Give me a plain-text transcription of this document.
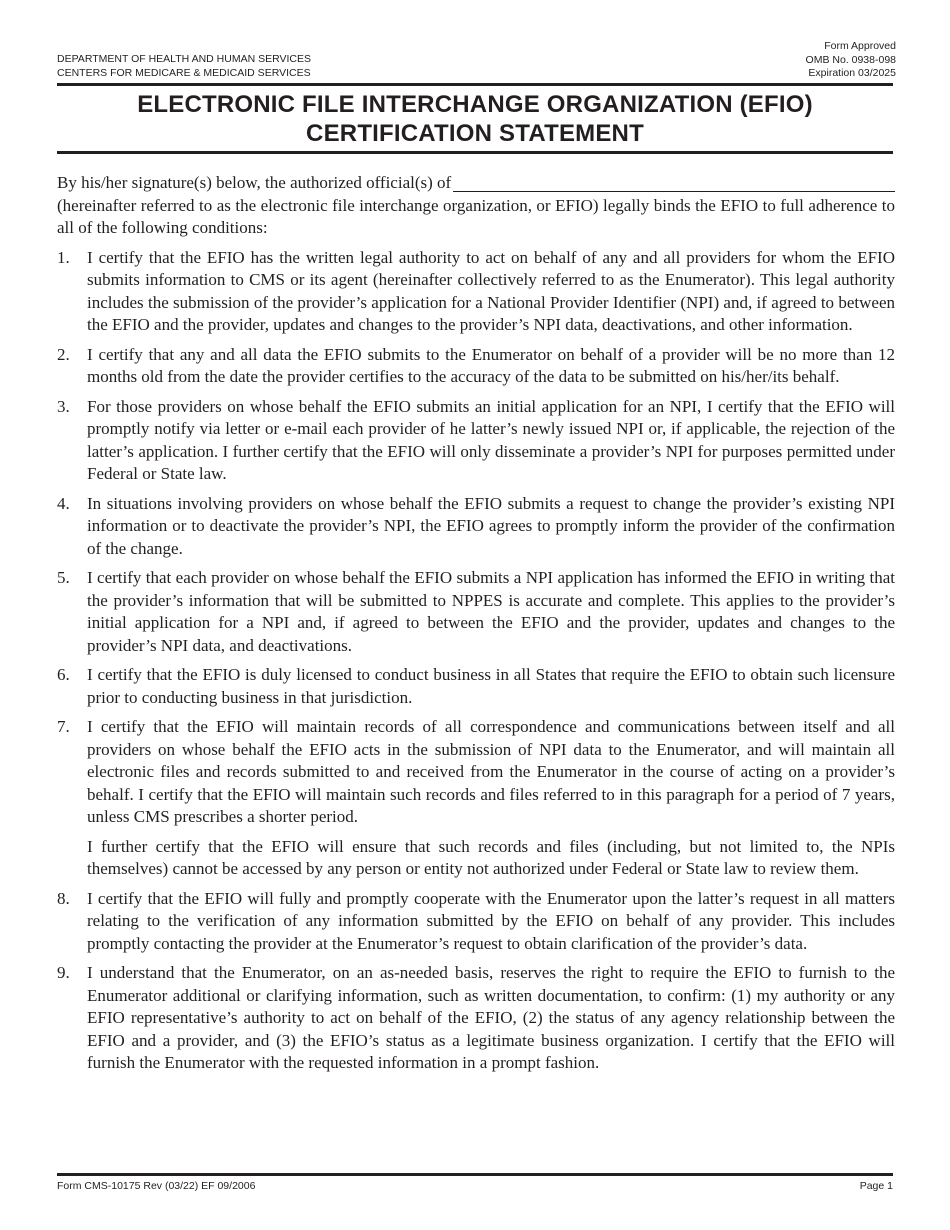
DEPARTMENT OF HEALTH AND HUMAN SERVICES
CENTERS FOR MEDICARE & MEDICAID SERVICES
Form Approved
OMB No. 0938-098
Expiration 03/2025
ELECTRONIC FILE INTERCHANGE ORGANIZATION (EFIO)
CERTIFICATION STATEMENT
By his/her signature(s) below, the authorized official(s) of

(hereinafter referred to as the electronic file interchange organization, or EFIO) legally binds the EFIO to full adherence to all of the following conditions:

1. I certify that the EFIO has the written legal authority to act on behalf of any and all providers for whom the EFIO submits information to CMS or its agent (hereinafter collectively referred to as the Enumerator). This legal authority includes the submission of the provider’s application for a National Provider Identifier (NPI) and, if agreed to between the EFIO and the provider, updates and changes to the provider’s NPI data, deactivations, and other information.
2. I certify that any and all data the EFIO submits to the Enumerator on behalf of a provider will be no more than 12 months old from the date the provider certifies to the accuracy of the data to be submitted on his/her/its behalf.
3. For those providers on whose behalf the EFIO submits an initial application for an NPI, I certify that the EFIO will promptly notify via letter or e-mail each provider of he latter’s newly issued NPI or, if applicable, the rejection of the latter’s application. I further certify that the EFIO will only disseminate a provider’s NPI for purposes permitted under Federal or State law.
4. In situations involving providers on whose behalf the EFIO submits a request to change the provider’s existing NPI information or to deactivate the provider’s NPI, the EFIO agrees to promptly inform the provider of the confirmation of the change.
5. I certify that each provider on whose behalf the EFIO submits a NPI application has informed the EFIO in writing that the provider’s information that will be submitted to NPPES is accurate and complete. This applies to the provider’s initial application for a NPI and, if agreed to between the EFIO and the provider, updates and changes to the provider’s NPI data, and deactivations.
6. I certify that the EFIO is duly licensed to conduct business in all States that require the EFIO to obtain such licensure prior to conducting business in that jurisdiction.
7. I certify that the EFIO will maintain records of all correspondence and communications between itself and all providers on whose behalf the EFIO acts in the submission of NPI data to the Enumerator, and will maintain all electronic files and records submitted to and received from the Enumerator in the course of acting on a provider’s behalf. I certify that the EFIO will maintain such records and files referred to in this paragraph for a period of 7 years, unless CMS prescribes a shorter period.
I further certify that the EFIO will ensure that such records and files (including, but not limited to, the NPIs themselves) cannot be accessed by any person or entity not authorized under Federal or State law to review them.
8. I certify that the EFIO will fully and promptly cooperate with the Enumerator upon the latter’s request in all matters relating to the verification of any information submitted by the EFIO on behalf of any provider. This includes promptly contacting the provider at the Enumerator’s request to obtain clarification of the provider’s data.
9. I understand that the Enumerator, on an as-needed basis, reserves the right to require the EFIO to furnish to the Enumerator additional or clarifying information, such as written documentation, to confirm: (1) my authority or any EFIO representative’s authority to act on behalf of the EFIO, (2) the status of any agency relationship between the EFIO and a provider, and (3) the EFIO’s status as a legitimate business organization. I certify that the EFIO will furnish the Enumerator with the requested information in a prompt fashion.
Form CMS-10175 Rev (03/22) EF 09/2006	Page 1
